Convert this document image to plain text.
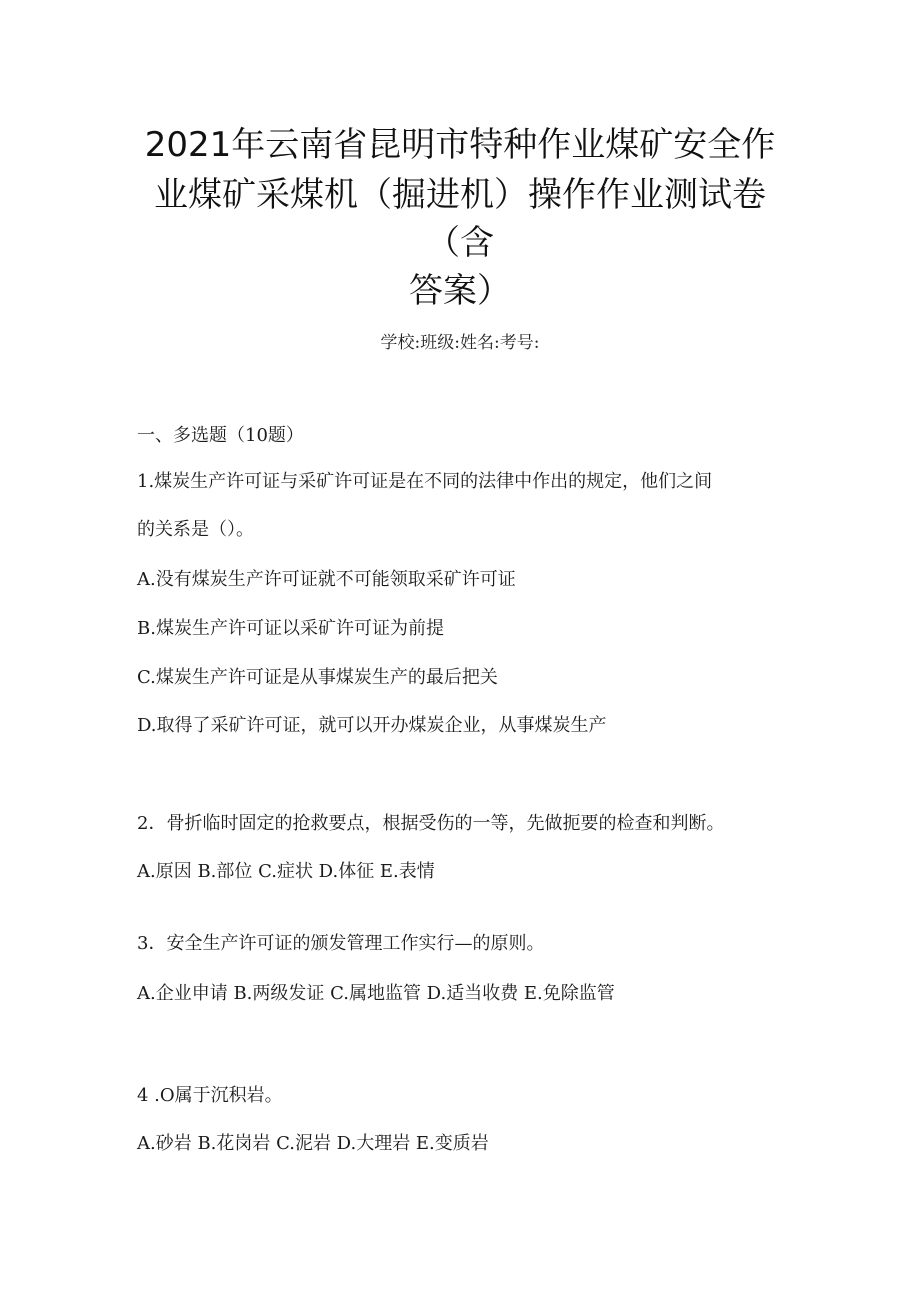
2021年云南省昆明市特种作业煤矿安全作
业煤矿采煤机（掘进机）操作作业测试卷
（含
答案）
学校:班级:姓名:考号:
一、多选题（10题）
1.煤炭生产许可证与采矿许可证是在不同的法律中作出的规定，他们之间
的关系是（）。
A.没有煤炭生产许可证就不可能领取采矿许可证
B.煤炭生产许可证以采矿许可证为前提
C.煤炭生产许可证是从事煤炭生产的最后把关
D.取得了采矿许可证，就可以开办煤炭企业，从事煤炭生产
2．骨折临时固定的抢救要点，根据受伤的一等，先做扼要的检查和判断。
A.原因 B.部位 C.症状 D.体征 E.表情
3．安全生产许可证的颁发管理工作实行—的原则。
A.企业申请 B.两级发证 C.属地监管 D.适当收费 E.免除监管
4 .O属于沉积岩。
A.砂岩 B.花岗岩 C.泥岩 D.大理岩 E.变质岩
